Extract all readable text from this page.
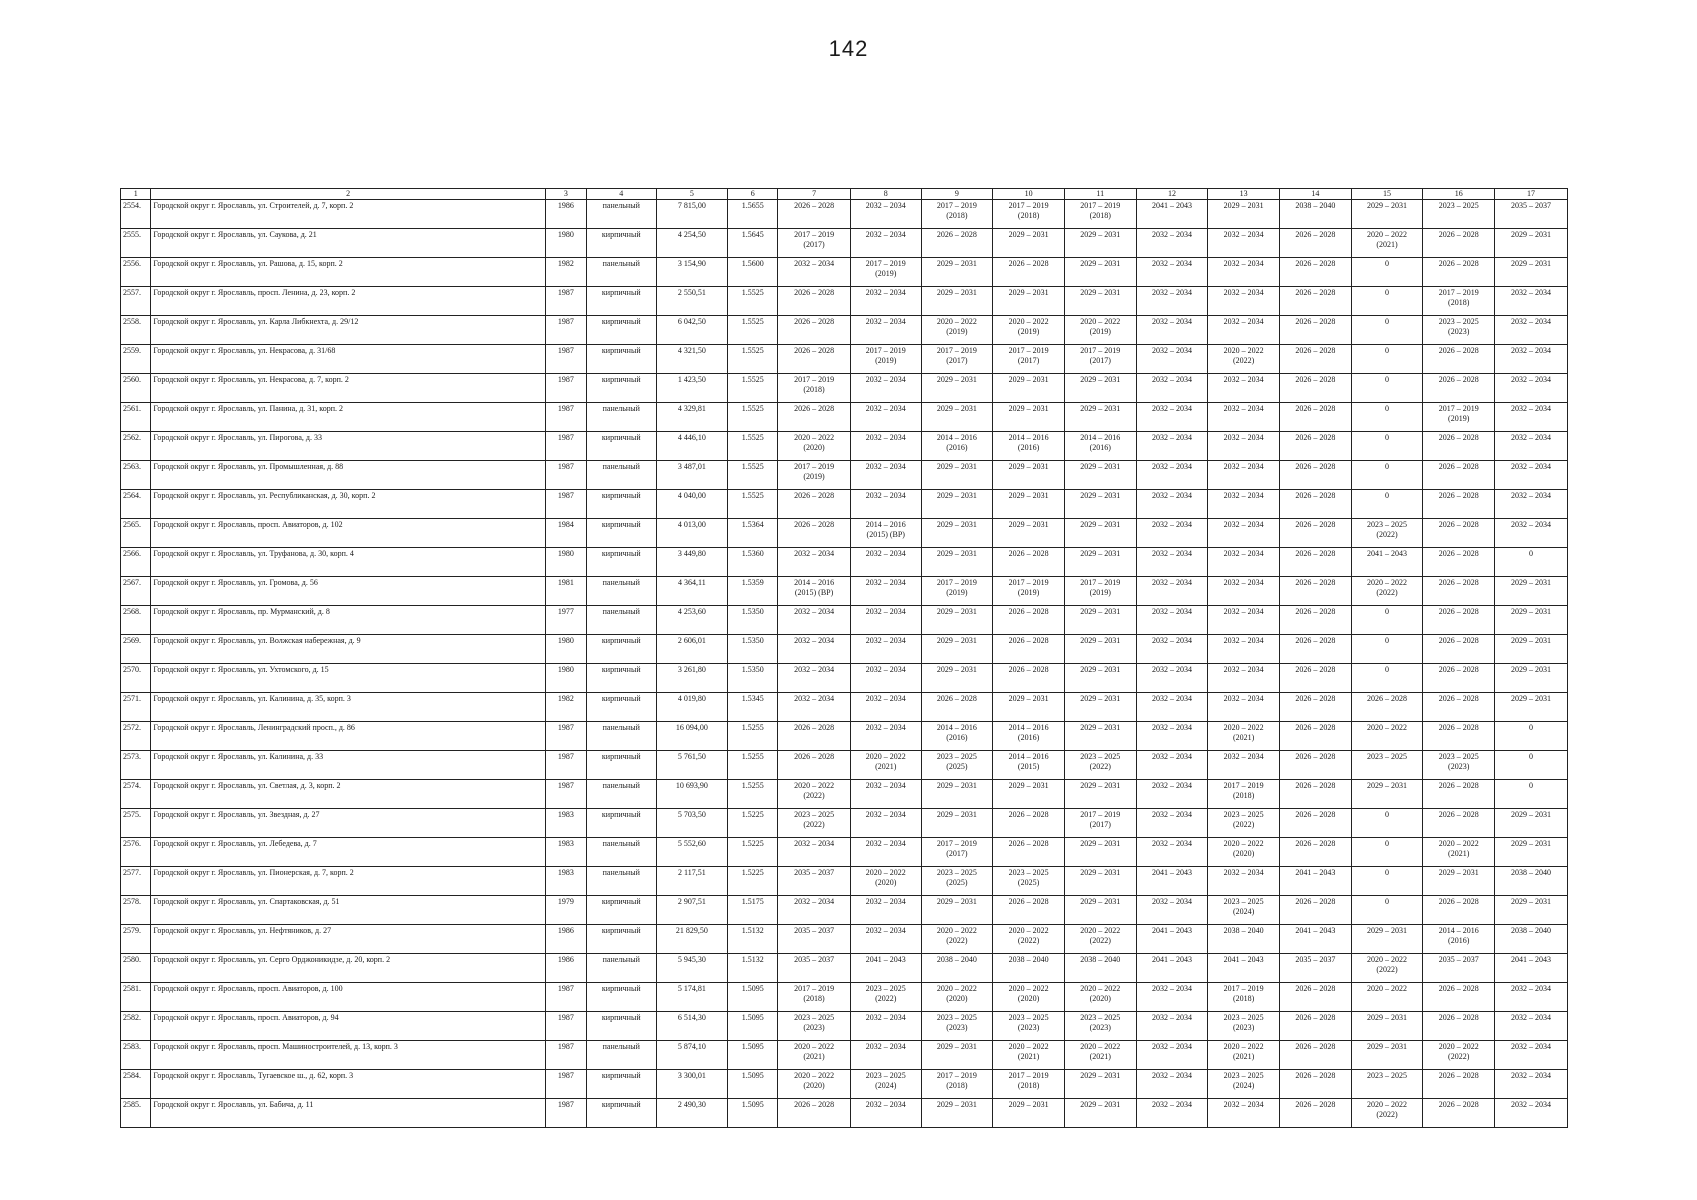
142
1	2	3	4	5	6	7	8	9	10	11	12	13	14	15	16	17
2554.	Городской округ г. Ярославль, ул. Строителей, д. 7, корп. 2	1986	панельный	7 815,00	1.5655	2026 – 2028	2032 – 2034	2017 – 2019
(2018)	2017 – 2019
(2018)	2017 – 2019
(2018)	2041 – 2043	2029 – 2031	2038 – 2040	2029 – 2031	2023 – 2025	2035 – 2037
2555.	Городской округ г. Ярославль, ул. Саукова, д. 21	1980	кирпичный	4 254,50	1.5645	2017 – 2019
(2017)	2032 – 2034	2026 – 2028	2029 – 2031	2029 – 2031	2032 – 2034	2032 – 2034	2026 – 2028	2020 – 2022
(2021)	2026 – 2028	2029 – 2031
2556.	Городской округ г. Ярославль, ул. Рашова, д. 15, корп. 2	1982	панельный	3 154,90	1.5600	2032 – 2034	2017 – 2019
(2019)	2029 – 2031	2026 – 2028	2029 – 2031	2032 – 2034	2032 – 2034	2026 – 2028	0	2026 – 2028	2029 – 2031
2557.	Городской округ г. Ярославль, просп. Ленина, д. 23, корп. 2	1987	кирпичный	2 550,51	1.5525	2026 – 2028	2032 – 2034	2029 – 2031	2029 – 2031	2029 – 2031	2032 – 2034	2032 – 2034	2026 – 2028	0	2017 – 2019
(2018)	2032 – 2034
2558.	Городской округ г. Ярославль, ул. Карла Либкнехта, д. 29/12	1987	кирпичный	6 042,50	1.5525	2026 – 2028	2032 – 2034	2020 – 2022
(2019)	2020 – 2022
(2019)	2020 – 2022
(2019)	2032 – 2034	2032 – 2034	2026 – 2028	0	2023 – 2025
(2023)	2032 – 2034
2559.	Городской округ г. Ярославль, ул. Некрасова, д. 31/68	1987	кирпичный	4 321,50	1.5525	2026 – 2028	2017 – 2019
(2019)	2017 – 2019
(2017)	2017 – 2019
(2017)	2017 – 2019
(2017)	2032 – 2034	2020 – 2022
(2022)	2026 – 2028	0	2026 – 2028	2032 – 2034
2560.	Городской округ г. Ярославль, ул. Некрасова, д. 7, корп. 2	1987	кирпичный	1 423,50	1.5525	2017 – 2019
(2018)	2032 – 2034	2029 – 2031	2029 – 2031	2029 – 2031	2032 – 2034	2032 – 2034	2026 – 2028	0	2026 – 2028	2032 – 2034
2561.	Городской округ г. Ярославль, ул. Панина, д. 31, корп. 2	1987	панельный	4 329,81	1.5525	2026 – 2028	2032 – 2034	2029 – 2031	2029 – 2031	2029 – 2031	2032 – 2034	2032 – 2034	2026 – 2028	0	2017 – 2019
(2019)	2032 – 2034
2562.	Городской округ г. Ярославль, ул. Пирогова, д. 33	1987	кирпичный	4 446,10	1.5525	2020 – 2022
(2020)	2032 – 2034	2014 – 2016
(2016)	2014 – 2016
(2016)	2014 – 2016
(2016)	2032 – 2034	2032 – 2034	2026 – 2028	0	2026 – 2028	2032 – 2034
2563.	Городской округ г. Ярославль, ул. Промышленная, д. 88	1987	панельный	3 487,01	1.5525	2017 – 2019
(2019)	2032 – 2034	2029 – 2031	2029 – 2031	2029 – 2031	2032 – 2034	2032 – 2034	2026 – 2028	0	2026 – 2028	2032 – 2034
2564.	Городской округ г. Ярославль, ул. Республиканская, д. 30, корп. 2	1987	кирпичный	4 040,00	1.5525	2026 – 2028	2032 – 2034	2029 – 2031	2029 – 2031	2029 – 2031	2032 – 2034	2032 – 2034	2026 – 2028	0	2026 – 2028	2032 – 2034
2565.	Городской округ г. Ярославль, просп. Авиаторов, д. 102	1984	кирпичный	4 013,00	1.5364	2026 – 2028	2014 – 2016
(2015) (ВР)	2029 – 2031	2029 – 2031	2029 – 2031	2032 – 2034	2032 – 2034	2026 – 2028	2023 – 2025
(2022)	2026 – 2028	2032 – 2034
2566.	Городской округ г. Ярославль, ул. Труфанова, д. 30, корп. 4	1980	кирпичный	3 449,80	1.5360	2032 – 2034	2032 – 2034	2029 – 2031	2026 – 2028	2029 – 2031	2032 – 2034	2032 – 2034	2026 – 2028	2041 – 2043	2026 – 2028	0
2567.	Городской округ г. Ярославль, ул. Громова, д. 56	1981	панельный	4 364,11	1.5359	2014 – 2016
(2015) (ВР)	2032 – 2034	2017 – 2019
(2019)	2017 – 2019
(2019)	2017 – 2019
(2019)	2032 – 2034	2032 – 2034	2026 – 2028	2020 – 2022
(2022)	2026 – 2028	2029 – 2031
2568.	Городской округ г. Ярославль, пр. Мурманский, д. 8	1977	панельный	4 253,60	1.5350	2032 – 2034	2032 – 2034	2029 – 2031	2026 – 2028	2029 – 2031	2032 – 2034	2032 – 2034	2026 – 2028	0	2026 – 2028	2029 – 2031
2569.	Городской округ г. Ярославль, ул. Волжская набережная, д. 9	1980	кирпичный	2 606,01	1.5350	2032 – 2034	2032 – 2034	2029 – 2031	2026 – 2028	2029 – 2031	2032 – 2034	2032 – 2034	2026 – 2028	0	2026 – 2028	2029 – 2031
2570.	Городской округ г. Ярославль, ул. Ухтомского, д. 15	1980	кирпичный	3 261,80	1.5350	2032 – 2034	2032 – 2034	2029 – 2031	2026 – 2028	2029 – 2031	2032 – 2034	2032 – 2034	2026 – 2028	0	2026 – 2028	2029 – 2031
2571.	Городской округ г. Ярославль, ул. Калинина, д. 35, корп. 3	1982	кирпичный	4 019,80	1.5345	2032 – 2034	2032 – 2034	2026 – 2028	2029 – 2031	2029 – 2031	2032 – 2034	2032 – 2034	2026 – 2028	2026 – 2028	2026 – 2028	2029 – 2031
2572.	Городской округ г. Ярославль, Ленинградский просп., д. 86	1987	панельный	16 094,00	1.5255	2026 – 2028	2032 – 2034	2014 – 2016
(2016)	2014 – 2016
(2016)	2029 – 2031	2032 – 2034	2020 – 2022
(2021)	2026 – 2028	2020 – 2022	2026 – 2028	0
2573.	Городской округ г. Ярославль, ул. Калинина, д. 33	1987	кирпичный	5 761,50	1.5255	2026 – 2028	2020 – 2022
(2021)	2023 – 2025
(2025)	2014 – 2016
(2015)	2023 – 2025
(2022)	2032 – 2034	2032 – 2034	2026 – 2028	2023 – 2025	2023 – 2025
(2023)	0
2574.	Городской округ г. Ярославль, ул. Светлая, д. 3, корп. 2	1987	панельный	10 693,90	1.5255	2020 – 2022
(2022)	2032 – 2034	2029 – 2031	2029 – 2031	2029 – 2031	2032 – 2034	2017 – 2019
(2018)	2026 – 2028	2029 – 2031	2026 – 2028	0
2575.	Городской округ г. Ярославль, ул. Звездная, д. 27	1983	кирпичный	5 703,50	1.5225	2023 – 2025
(2022)	2032 – 2034	2029 – 2031	2026 – 2028	2017 – 2019
(2017)	2032 – 2034	2023 – 2025
(2022)	2026 – 2028	0	2026 – 2028	2029 – 2031
2576.	Городской округ г. Ярославль, ул. Лебедева, д. 7	1983	панельный	5 552,60	1.5225	2032 – 2034	2032 – 2034	2017 – 2019
(2017)	2026 – 2028	2029 – 2031	2032 – 2034	2020 – 2022
(2020)	2026 – 2028	0	2020 – 2022
(2021)	2029 – 2031
2577.	Городской округ г. Ярославль, ул. Пионерская, д. 7, корп. 2	1983	панельный	2 117,51	1.5225	2035 – 2037	2020 – 2022
(2020)	2023 – 2025
(2025)	2023 – 2025
(2025)	2029 – 2031	2041 – 2043	2032 – 2034	2041 – 2043	0	2029 – 2031	2038 – 2040
2578.	Городской округ г. Ярославль, ул. Спартаковская, д. 51	1979	кирпичный	2 907,51	1.5175	2032 – 2034	2032 – 2034	2029 – 2031	2026 – 2028	2029 – 2031	2032 – 2034	2023 – 2025
(2024)	2026 – 2028	0	2026 – 2028	2029 – 2031
2579.	Городской округ г. Ярославль, ул. Нефтяников, д. 27	1986	кирпичный	21 829,50	1.5132	2035 – 2037	2032 – 2034	2020 – 2022
(2022)	2020 – 2022
(2022)	2020 – 2022
(2022)	2041 – 2043	2038 – 2040	2041 – 2043	2029 – 2031	2014 – 2016
(2016)	2038 – 2040
2580.	Городской округ г. Ярославль, ул. Серго Орджоникидзе, д. 20, корп. 2	1986	панельный	5 945,30	1.5132	2035 – 2037	2041 – 2043	2038 – 2040	2038 – 2040	2038 – 2040	2041 – 2043	2041 – 2043	2035 – 2037	2020 – 2022
(2022)	2035 – 2037	2041 – 2043
2581.	Городской округ г. Ярославль, просп. Авиаторов, д. 100	1987	кирпичный	5 174,81	1.5095	2017 – 2019
(2018)	2023 – 2025
(2022)	2020 – 2022
(2020)	2020 – 2022
(2020)	2020 – 2022
(2020)	2032 – 2034	2017 – 2019
(2018)	2026 – 2028	2020 – 2022	2026 – 2028	2032 – 2034
2582.	Городской округ г. Ярославль, просп. Авиаторов, д. 94	1987	кирпичный	6 514,30	1.5095	2023 – 2025
(2023)	2032 – 2034	2023 – 2025
(2023)	2023 – 2025
(2023)	2023 – 2025
(2023)	2032 – 2034	2023 – 2025
(2023)	2026 – 2028	2029 – 2031	2026 – 2028	2032 – 2034
2583.	Городской округ г. Ярославль, просп. Машиностроителей, д. 13, корп. 3	1987	панельный	5 874,10	1.5095	2020 – 2022
(2021)	2032 – 2034	2029 – 2031	2020 – 2022
(2021)	2020 – 2022
(2021)	2032 – 2034	2020 – 2022
(2021)	2026 – 2028	2029 – 2031	2020 – 2022
(2022)	2032 – 2034
2584.	Городской округ г. Ярославль, Тугаевское ш., д. 62, корп. 3	1987	кирпичный	3 300,01	1.5095	2020 – 2022
(2020)	2023 – 2025
(2024)	2017 – 2019
(2018)	2017 – 2019
(2018)	2029 – 2031	2032 – 2034	2023 – 2025
(2024)	2026 – 2028	2023 – 2025	2026 – 2028	2032 – 2034
2585.	Городской округ г. Ярославль, ул. Бабича, д. 11	1987	кирпичный	2 490,30	1.5095	2026 – 2028	2032 – 2034	2029 – 2031	2029 – 2031	2029 – 2031	2032 – 2034	2032 – 2034	2026 – 2028	2020 – 2022
(2022)	2026 – 2028	2032 – 2034
